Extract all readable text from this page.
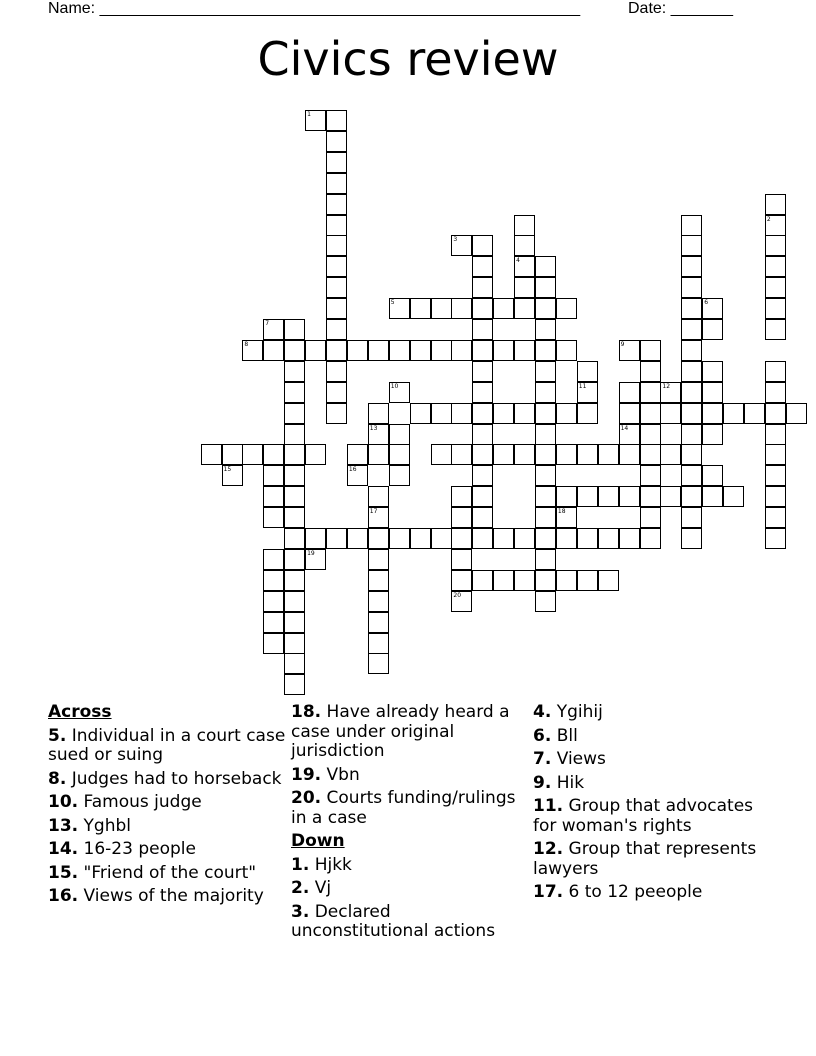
Name: ______________________________________________________	Date: _______
Civics review
1
2
3
4
5	6
7
8	9
10	11	12
13	14
15	16
17	18
19
20
Across
5. Individual in a court case sued or suing
8. Judges had to horseback
10. Famous judge
13. Yghbl
14. 16-23 people
15. "Friend of the court"
16. Views of the majority
18. Have already heard a case under original jurisdiction
19. Vbn
20. Courts funding/rulings in a case
Down
1. Hjkk
2. Vj
3. Declared unconstitutional actions
4. Ygihij
6. Bll
7. Views
9. Hik
11. Group that advocates for woman's rights
12. Group that represents lawyers
17. 6 to 12 peeople
